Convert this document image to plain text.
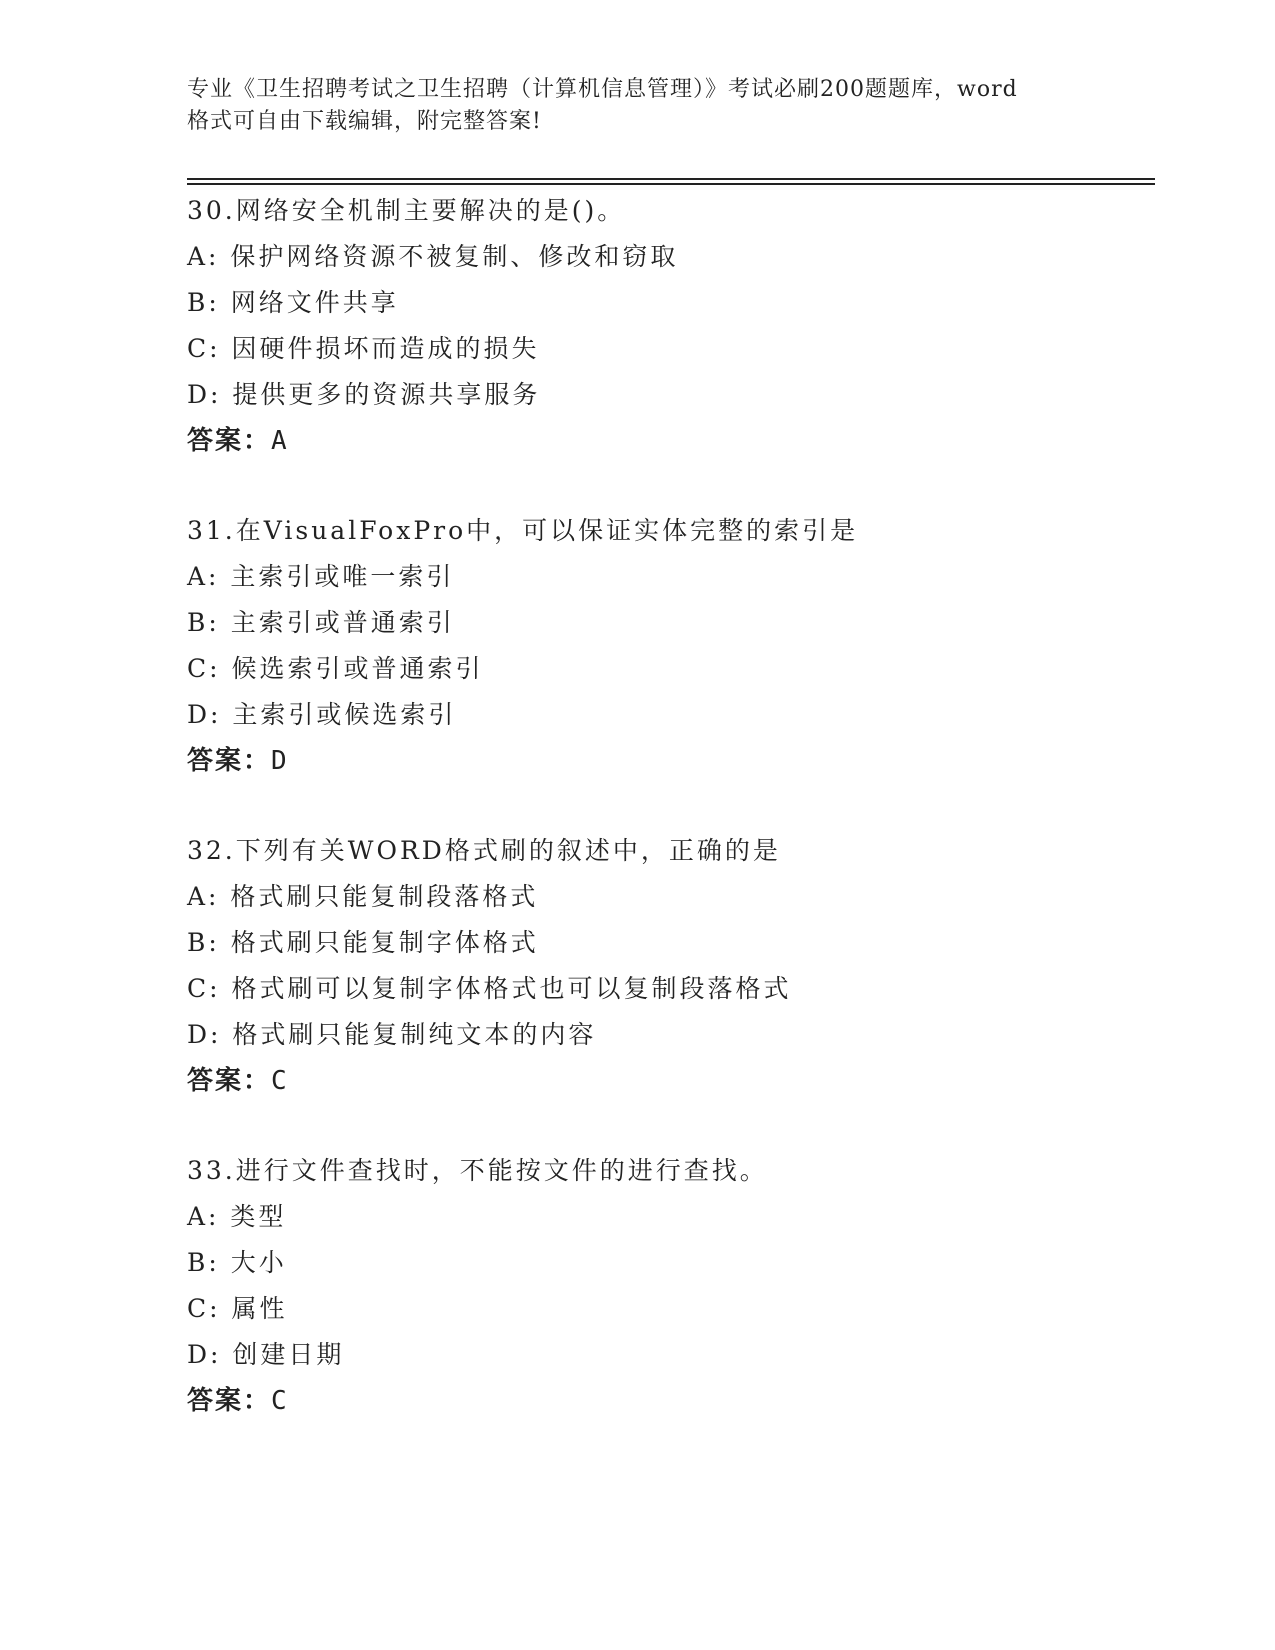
专业《卫生招聘考试之卫生招聘（计算机信息管理）》考试必刷200题题库，word
格式可自由下载编辑，附完整答案!
30.网络安全机制主要解决的是()。
A: 保护网络资源不被复制、修改和窃取
B: 网络文件共享
C: 因硬件损坏而造成的损失
D: 提供更多的资源共享服务
答案：A
31.在VisualFoxPro中，可以保证实体完整的索引是
A: 主索引或唯一索引
B: 主索引或普通索引
C: 候选索引或普通索引
D: 主索引或候选索引
答案：D
32.下列有关WORD格式刷的叙述中，正确的是
A: 格式刷只能复制段落格式
B: 格式刷只能复制字体格式
C: 格式刷可以复制字体格式也可以复制段落格式
D: 格式刷只能复制纯文本的内容
答案：C
33.进行文件查找时，不能按文件的进行查找。
A: 类型
B: 大小
C: 属性
D: 创建日期
答案：C
